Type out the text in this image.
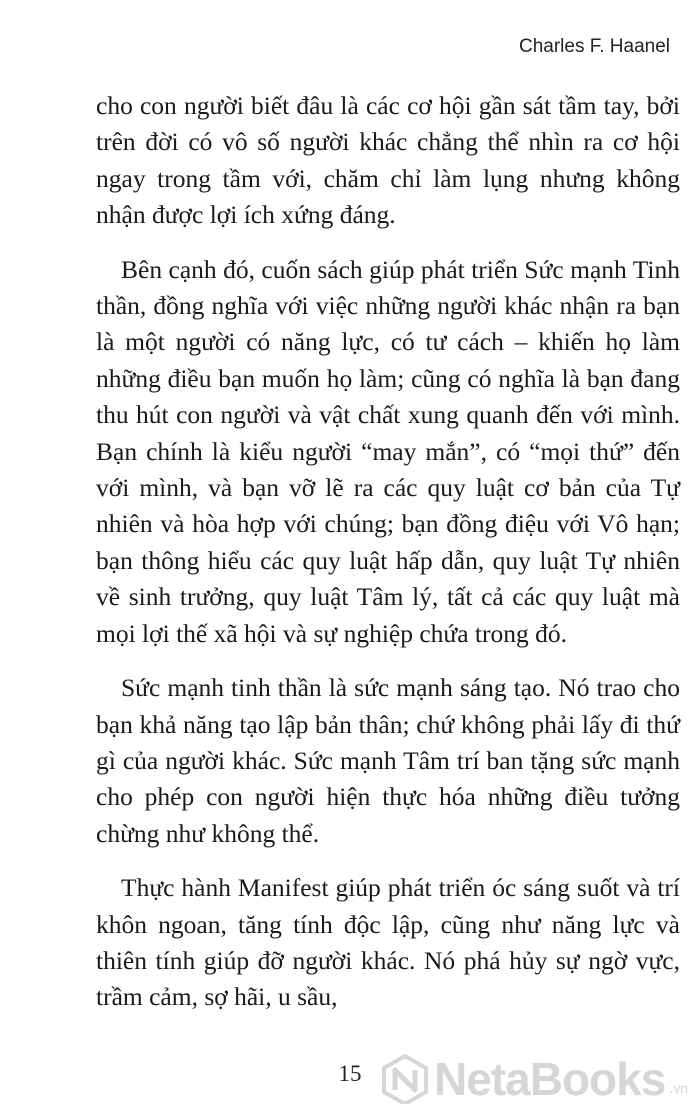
Charles F. Haanel

cho con người biết đâu là các cơ hội gần sát tầm tay, bởi trên đời có vô số người khác chẳng thể nhìn ra cơ hội ngay trong tầm với, chăm chỉ làm lụng nhưng không nhận được lợi ích xứng đáng.

Bên cạnh đó, cuốn sách giúp phát triển Sức mạnh Tinh thần, đồng nghĩa với việc những người khác nhận ra bạn là một người có năng lực, có tư cách – khiến họ làm những điều bạn muốn họ làm; cũng có nghĩa là bạn đang thu hút con người và vật chất xung quanh đến với mình. Bạn chính là kiểu người “may mắn”, có “mọi thứ” đến với mình, và bạn vỡ lẽ ra các quy luật cơ bản của Tự nhiên và hòa hợp với chúng; bạn đồng điệu với Vô hạn; bạn thông hiểu các quy luật hấp dẫn, quy luật Tự nhiên về sinh trưởng, quy luật Tâm lý, tất cả các quy luật mà mọi lợi thế xã hội và sự nghiệp chứa trong đó.

Sức mạnh tinh thần là sức mạnh sáng tạo. Nó trao cho bạn khả năng tạo lập bản thân; chứ không phải lấy đi thứ gì của người khác. Sức mạnh Tâm trí ban tặng sức mạnh cho phép con người hiện thực hóa những điều tưởng chừng như không thể.

Thực hành Manifest giúp phát triển óc sáng suốt và trí khôn ngoan, tăng tính độc lập, cũng như năng lực và thiên tính giúp đỡ người khác. Nó phá hủy sự ngờ vực, trầm cảm, sợ hãi, u sầu,

15	NetaBooks .vn
